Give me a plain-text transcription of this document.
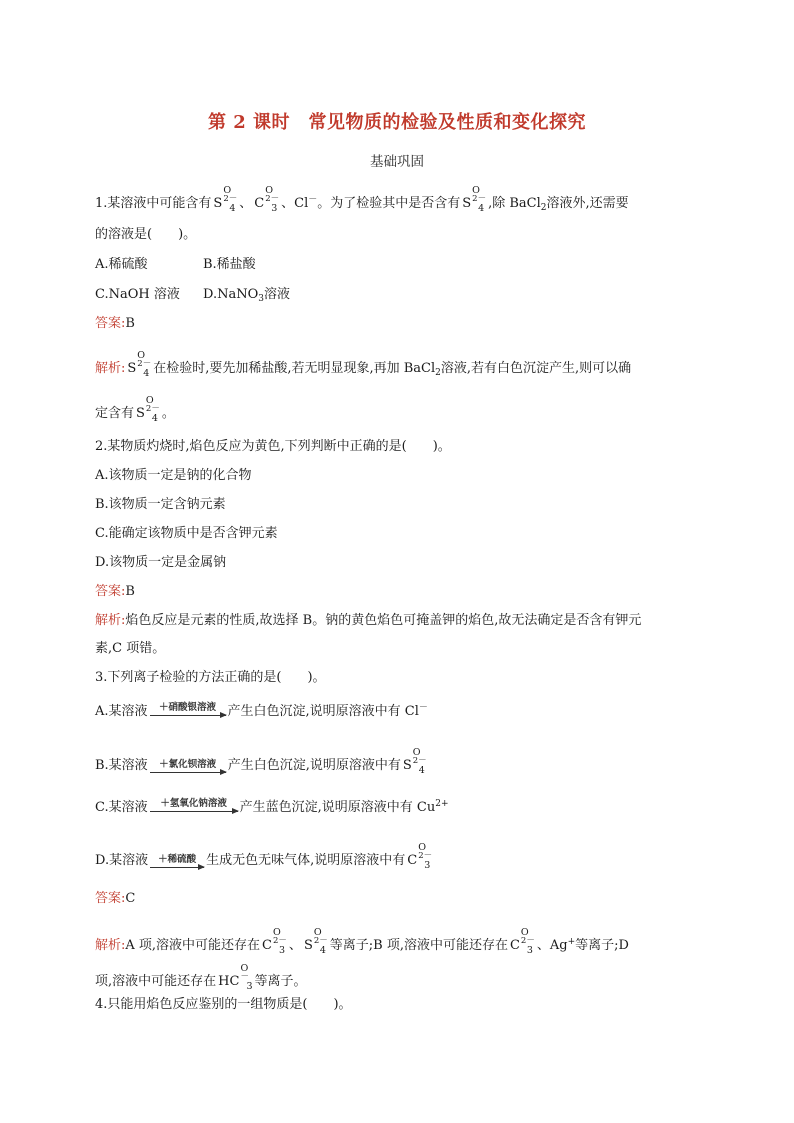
第 2 课时　常见物质的检验及性质和变化探究
基础巩固
1.某溶液中可能含有 S
O
2－
4 、 C
O
2－
3 、Cl－。为了检验其中是否含有 S
O
2－
4 ,除 BaCl$_2$溶液外,还需要
的溶液是(　　)。
A.稀硫酸	B.稀盐酸
C.NaOH 溶液 D.NaNO$_3$溶液
答案:B
解析: S
O
2－
4 在检验时,要先加稀盐酸,若无明显现象,再加 BaCl$_2$溶液,若有白色沉淀产生,则可以确
定含有 S
O
2－
4 。
2.某物质灼烧时,焰色反应为黄色,下列判断中正确的是(　　)。
A.该物质一定是钠的化合物
B.该物质一定含钠元素
C.能确定该物质中是否含钾元素
D.该物质一定是金属钠
答案:B
解析:焰色反应是元素的性质,故选择 B。钠的黄色焰色可掩盖钾的焰色,故无法确定是否含有钾元
素,C 项错。
3.下列离子检验的方法正确的是(　　)。
A.某溶液	＋硝酸银溶液 产生白色沉淀,说明原溶液中有 Cl－
B.某溶液	＋氯化钡溶液 产生白色沉淀,说明原溶液中有 S
O
2－
4
C.某溶液	＋氢氧化钠溶液 产生蓝色沉淀,说明原溶液中有 $Cu^{2+}$
D.某溶液	＋稀硫酸 生成无色无味气体,说明原溶液中有 C
O
2－
3
答案:C
解析:A 项,溶液中可能还存在 C
O
2－
3 、 S
O
2－
4 等离子;B 项,溶液中可能还存在 C
O
2－
3 、Ag+等离子;D
项,溶液中可能还存在 HC
O
－
3 等离子。
4.只能用焰色反应鉴别的一组物质是(　　)。
